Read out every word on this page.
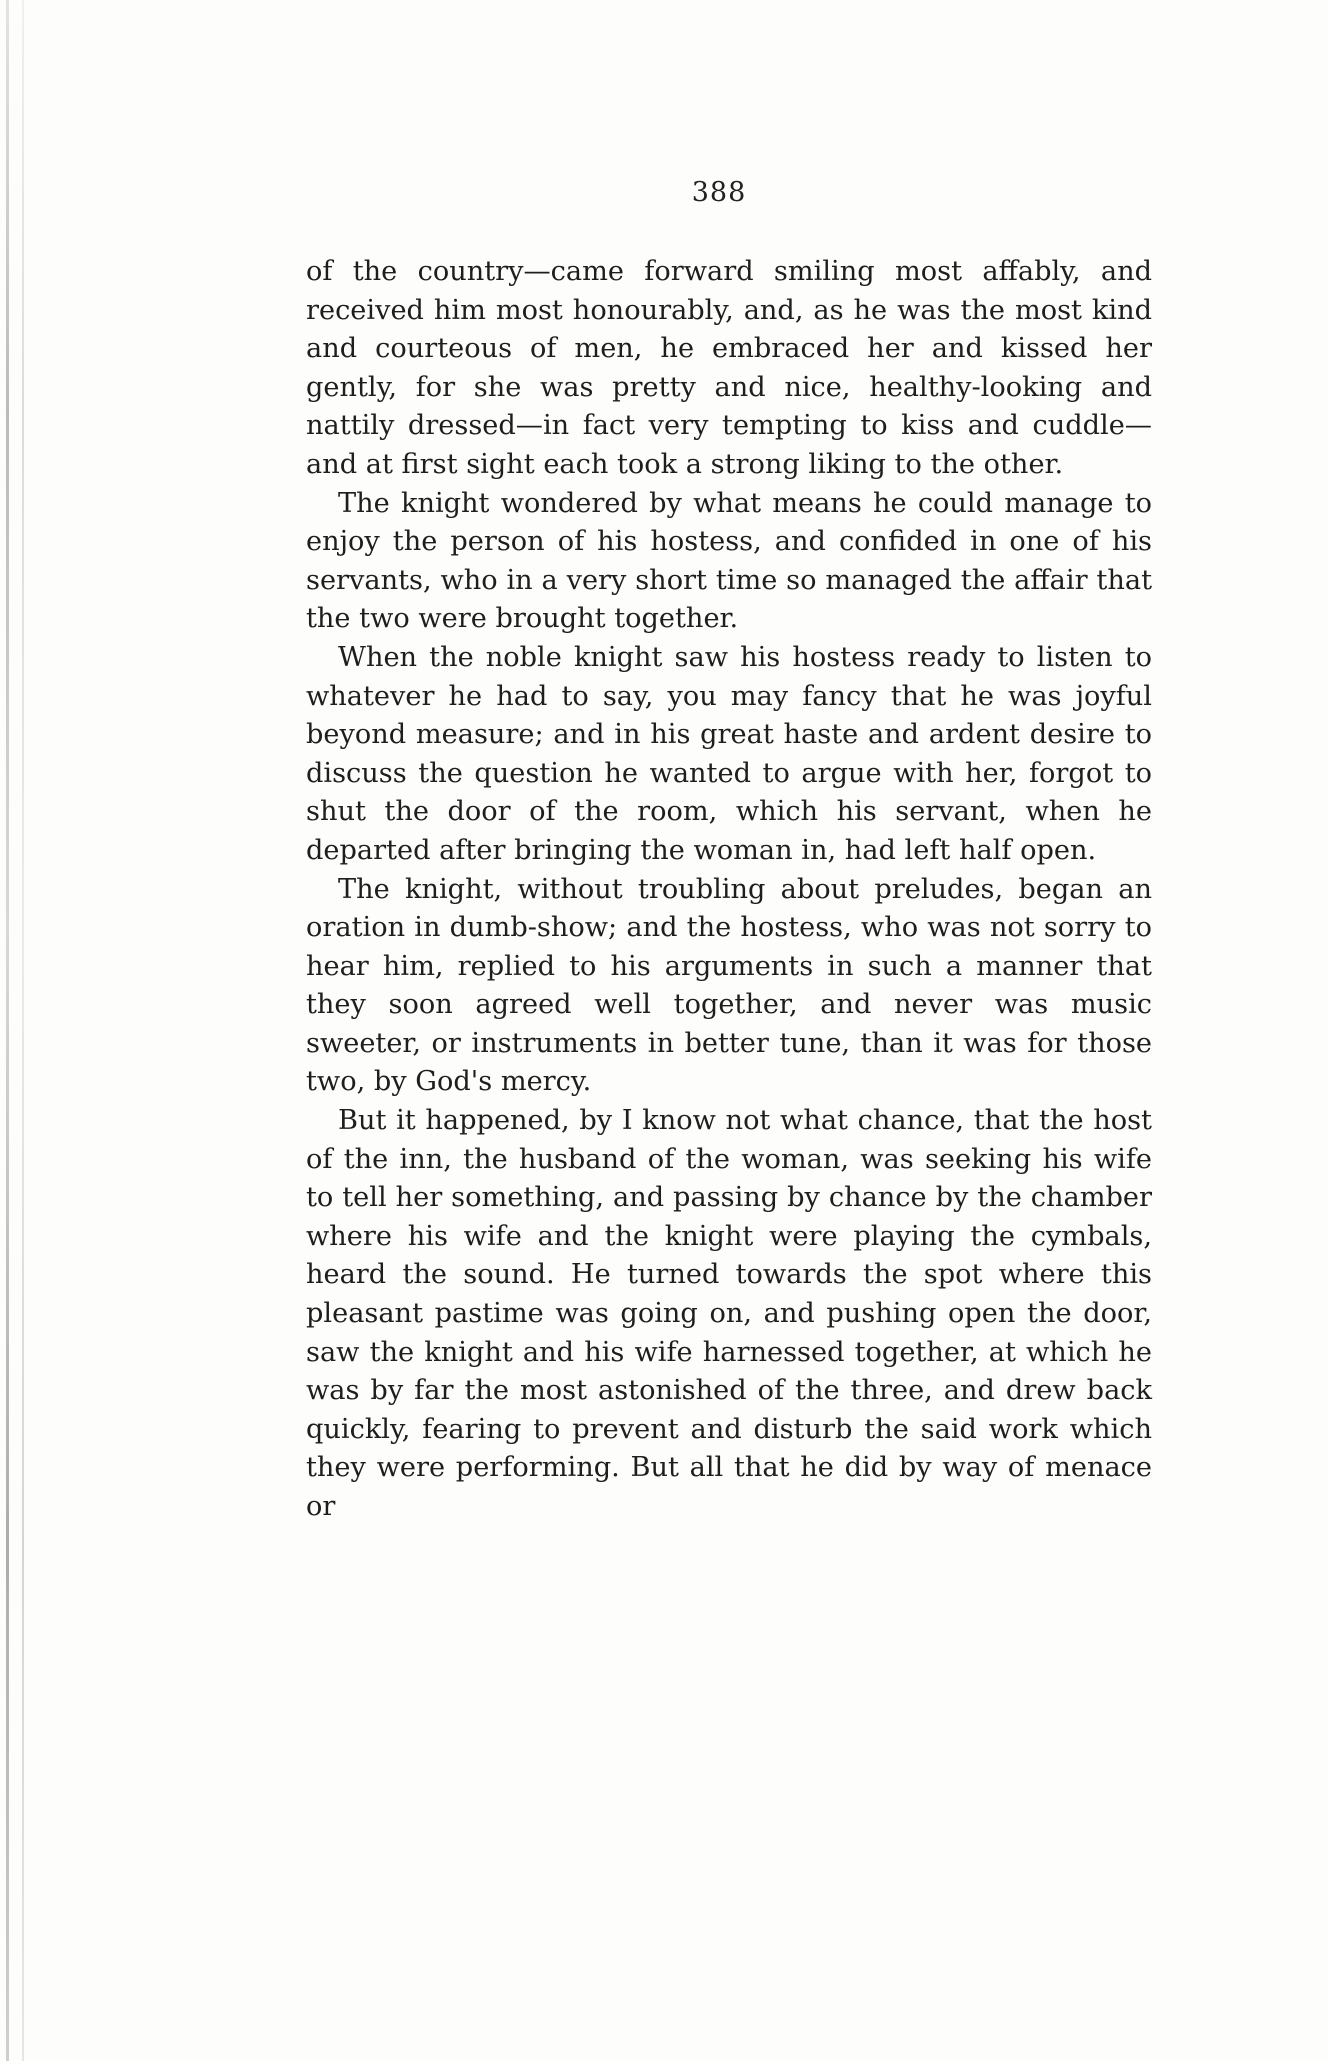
388

of the country—came forward smiling most affably, and received him most honourably, and, as he was the most kind and courteous of men, he embraced her and kissed her gently, for she was pretty and nice, healthy-looking and nattily dressed—in fact very tempting to kiss and cuddle—and at first sight each took a strong liking to the other.

The knight wondered by what means he could manage to enjoy the person of his hostess, and confided in one of his servants, who in a very short time so managed the affair that the two were brought together.

When the noble knight saw his hostess ready to listen to whatever he had to say, you may fancy that he was joyful beyond measure; and in his great haste and ardent desire to discuss the question he wanted to argue with her, forgot to shut the door of the room, which his servant, when he departed after bringing the woman in, had left half open.

The knight, without troubling about preludes, began an oration in dumb-show; and the hostess, who was not sorry to hear him, replied to his arguments in such a manner that they soon agreed well together, and never was music sweeter, or instruments in better tune, than it was for those two, by God's mercy.

But it happened, by I know not what chance, that the host of the inn, the husband of the woman, was seeking his wife to tell her something, and passing by chance by the chamber where his wife and the knight were playing the cymbals, heard the sound. He turned towards the spot where this pleasant pastime was going on, and pushing open the door, saw the knight and his wife harnessed together, at which he was by far the most astonished of the three, and drew back quickly, fearing to prevent and disturb the said work which they were performing. But all that he did by way of menace or
